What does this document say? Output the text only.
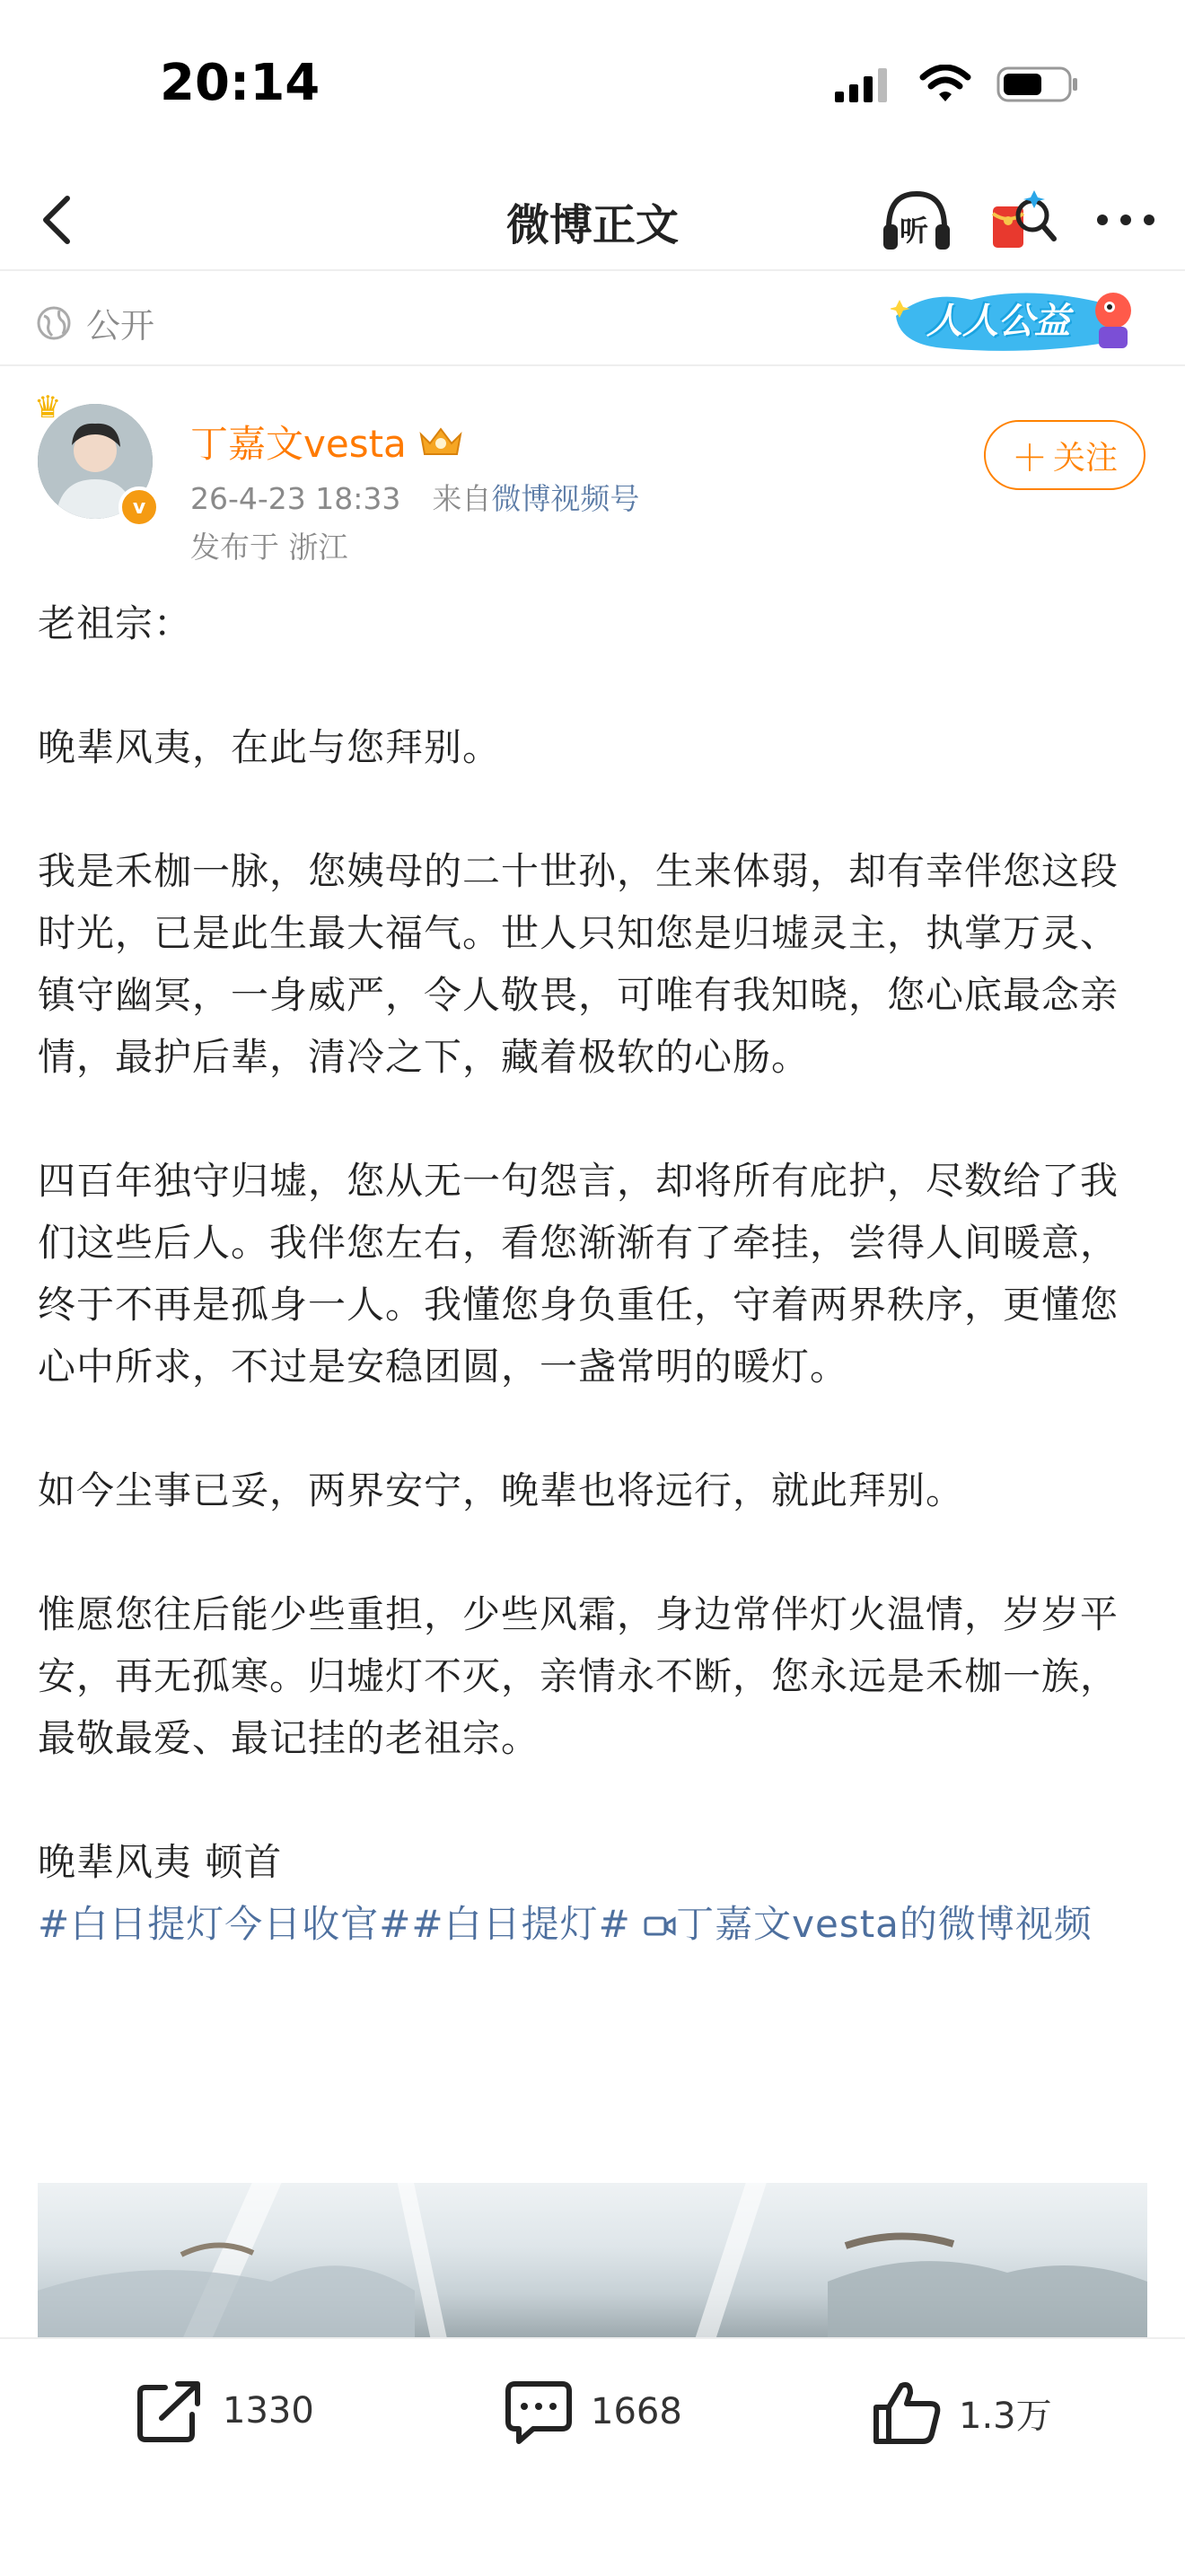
20:14
微博正文	听
公开	人人公益
♛
v
丁嘉文vesta
26-4-23 18:33 来自微博视频号
发布于 浙江
＋ 关注

老祖宗：

晚辈风夷，在此与您拜别。

我是禾枷一脉，您姨母的二十世孙，生来体弱，却有幸伴您这段时光，已是此生最大福气。世人只知您是归墟灵主，执掌万灵、镇守幽冥，一身威严，令人敬畏，可唯有我知晓，您心底最念亲情，最护后辈，清冷之下，藏着极软的心肠。

四百年独守归墟，您从无一句怨言，却将所有庇护，尽数给了我们这些后人。我伴您左右，看您渐渐有了牵挂，尝得人间暖意，终于不再是孤身一人。我懂您身负重任，守着两界秩序，更懂您心中所求，不过是安稳团圆，一盏常明的暖灯。

如今尘事已妥，两界安宁，晚辈也将远行，就此拜别。

惟愿您往后能少些重担，少些风霜，身边常伴灯火温情，岁岁平安，再无孤寒。归墟灯不灭，亲情永不断，您永远是禾枷一族，最敬最爱、最记挂的老祖宗。

晚辈风夷 顿首

#白日提灯今日收官##白日提灯# 丁嘉文vesta的微博视频

1330	1668	1.3万
